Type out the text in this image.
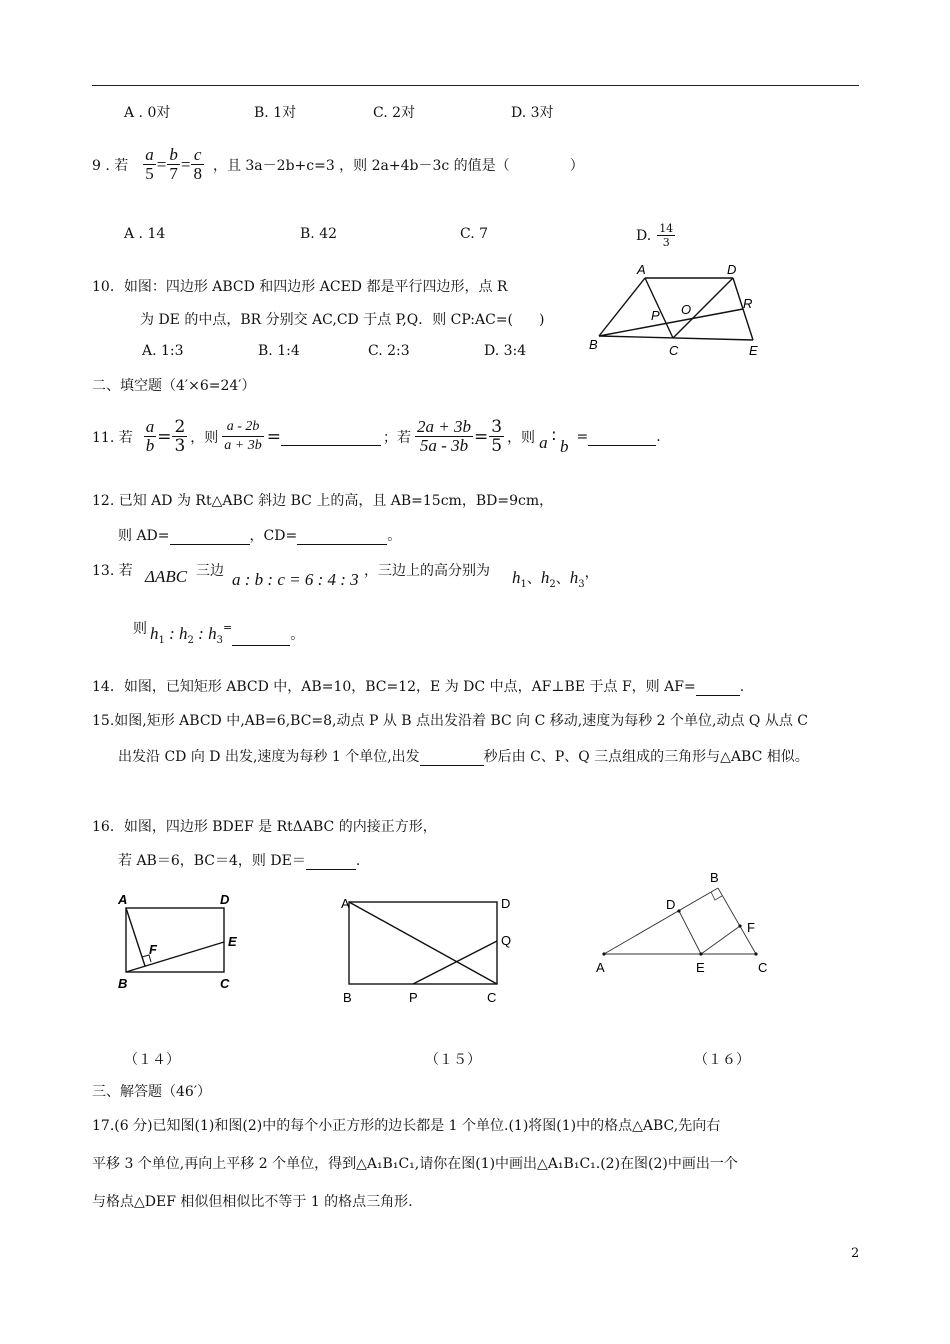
A . 0对	B. 1对	C. 2对	D. 3对
9 . 若 $\frac{a}{5} = \frac{b}{7} = \frac{c}{8}$ ，且 3a－2b+c=3 ，则 2a+4b－3c 的值是（	）
A . 14	B. 42	C. 7	D. $\frac{14}{3}$
10．如图：四边形 ABCD 和四边形 ACED 都是平行四边形，点 R
为 DE 的中点，BR 分别交 AC,CD 于点 P,Q．则 CP:AC=( )
A. 1:3	B. 1:4	C. 2:3	D. 3:4
A	D
O	R
P
B	C	E
二、填空题（4′×6=24′）
11. 若 $\frac{a}{b} = \frac{2}{3}$ ，则 $\frac{a - 2b}{a + 3b}$ =	；若 $\frac{2a + 3b}{5a - 3b} = \frac{3}{5}$ ，则 a ∶ b =	.
12. 已知 AD 为 Rt△ABC 斜边 BC 上的高，且 AB=15cm，BD=9cm，
则 AD=	，CD=	。
13. 若 ΔABC 三边 a : b : c = 6 : 4 : 3 ，三边上的高分别为 $h_1$、$h_2$、$h_3$，
则 $h_1$ : $h_2$ : $h_3^=$	。
14．如图，已知矩形 ABCD 中，AB=10，BC=12，E 为 DC 中点，AF⊥BE 于点 F，则 AF=	.
15.如图,矩形 ABCD 中,AB=6,BC=8,动点 P 从 B 点出发沿着 BC 向 C 移动,速度为每秒 2 个单位,动点 Q 从点 C
出发沿 CD 向 D 出发,速度为每秒 1 个单位,出发	秒后由 C、P、Q 三点组成的三角形与△ABC 相似。
16．如图，四边形 BDEF 是 RtΔABC 的内接正方形，
若 AB＝6，BC＝4，则 DE＝	.
A	D
E
F
B	C
A	D
Q
B	P	C
B
D
F
A	E	C
（１４）	（１５）	（１６）
三、解答题（46′）
17.(6 分)已知图(1)和图(2)中的每个小正方形的边长都是 1 个单位.(1)将图(1)中的格点△ABC,先向右
平移 3 个单位,再向上平移 2 个单位，得到△A₁B₁C₁,请你在图(1)中画出△A₁B₁C₁.(2)在图(2)中画出一个
与格点△DEF 相似但相似比不等于 1 的格点三角形.
2
